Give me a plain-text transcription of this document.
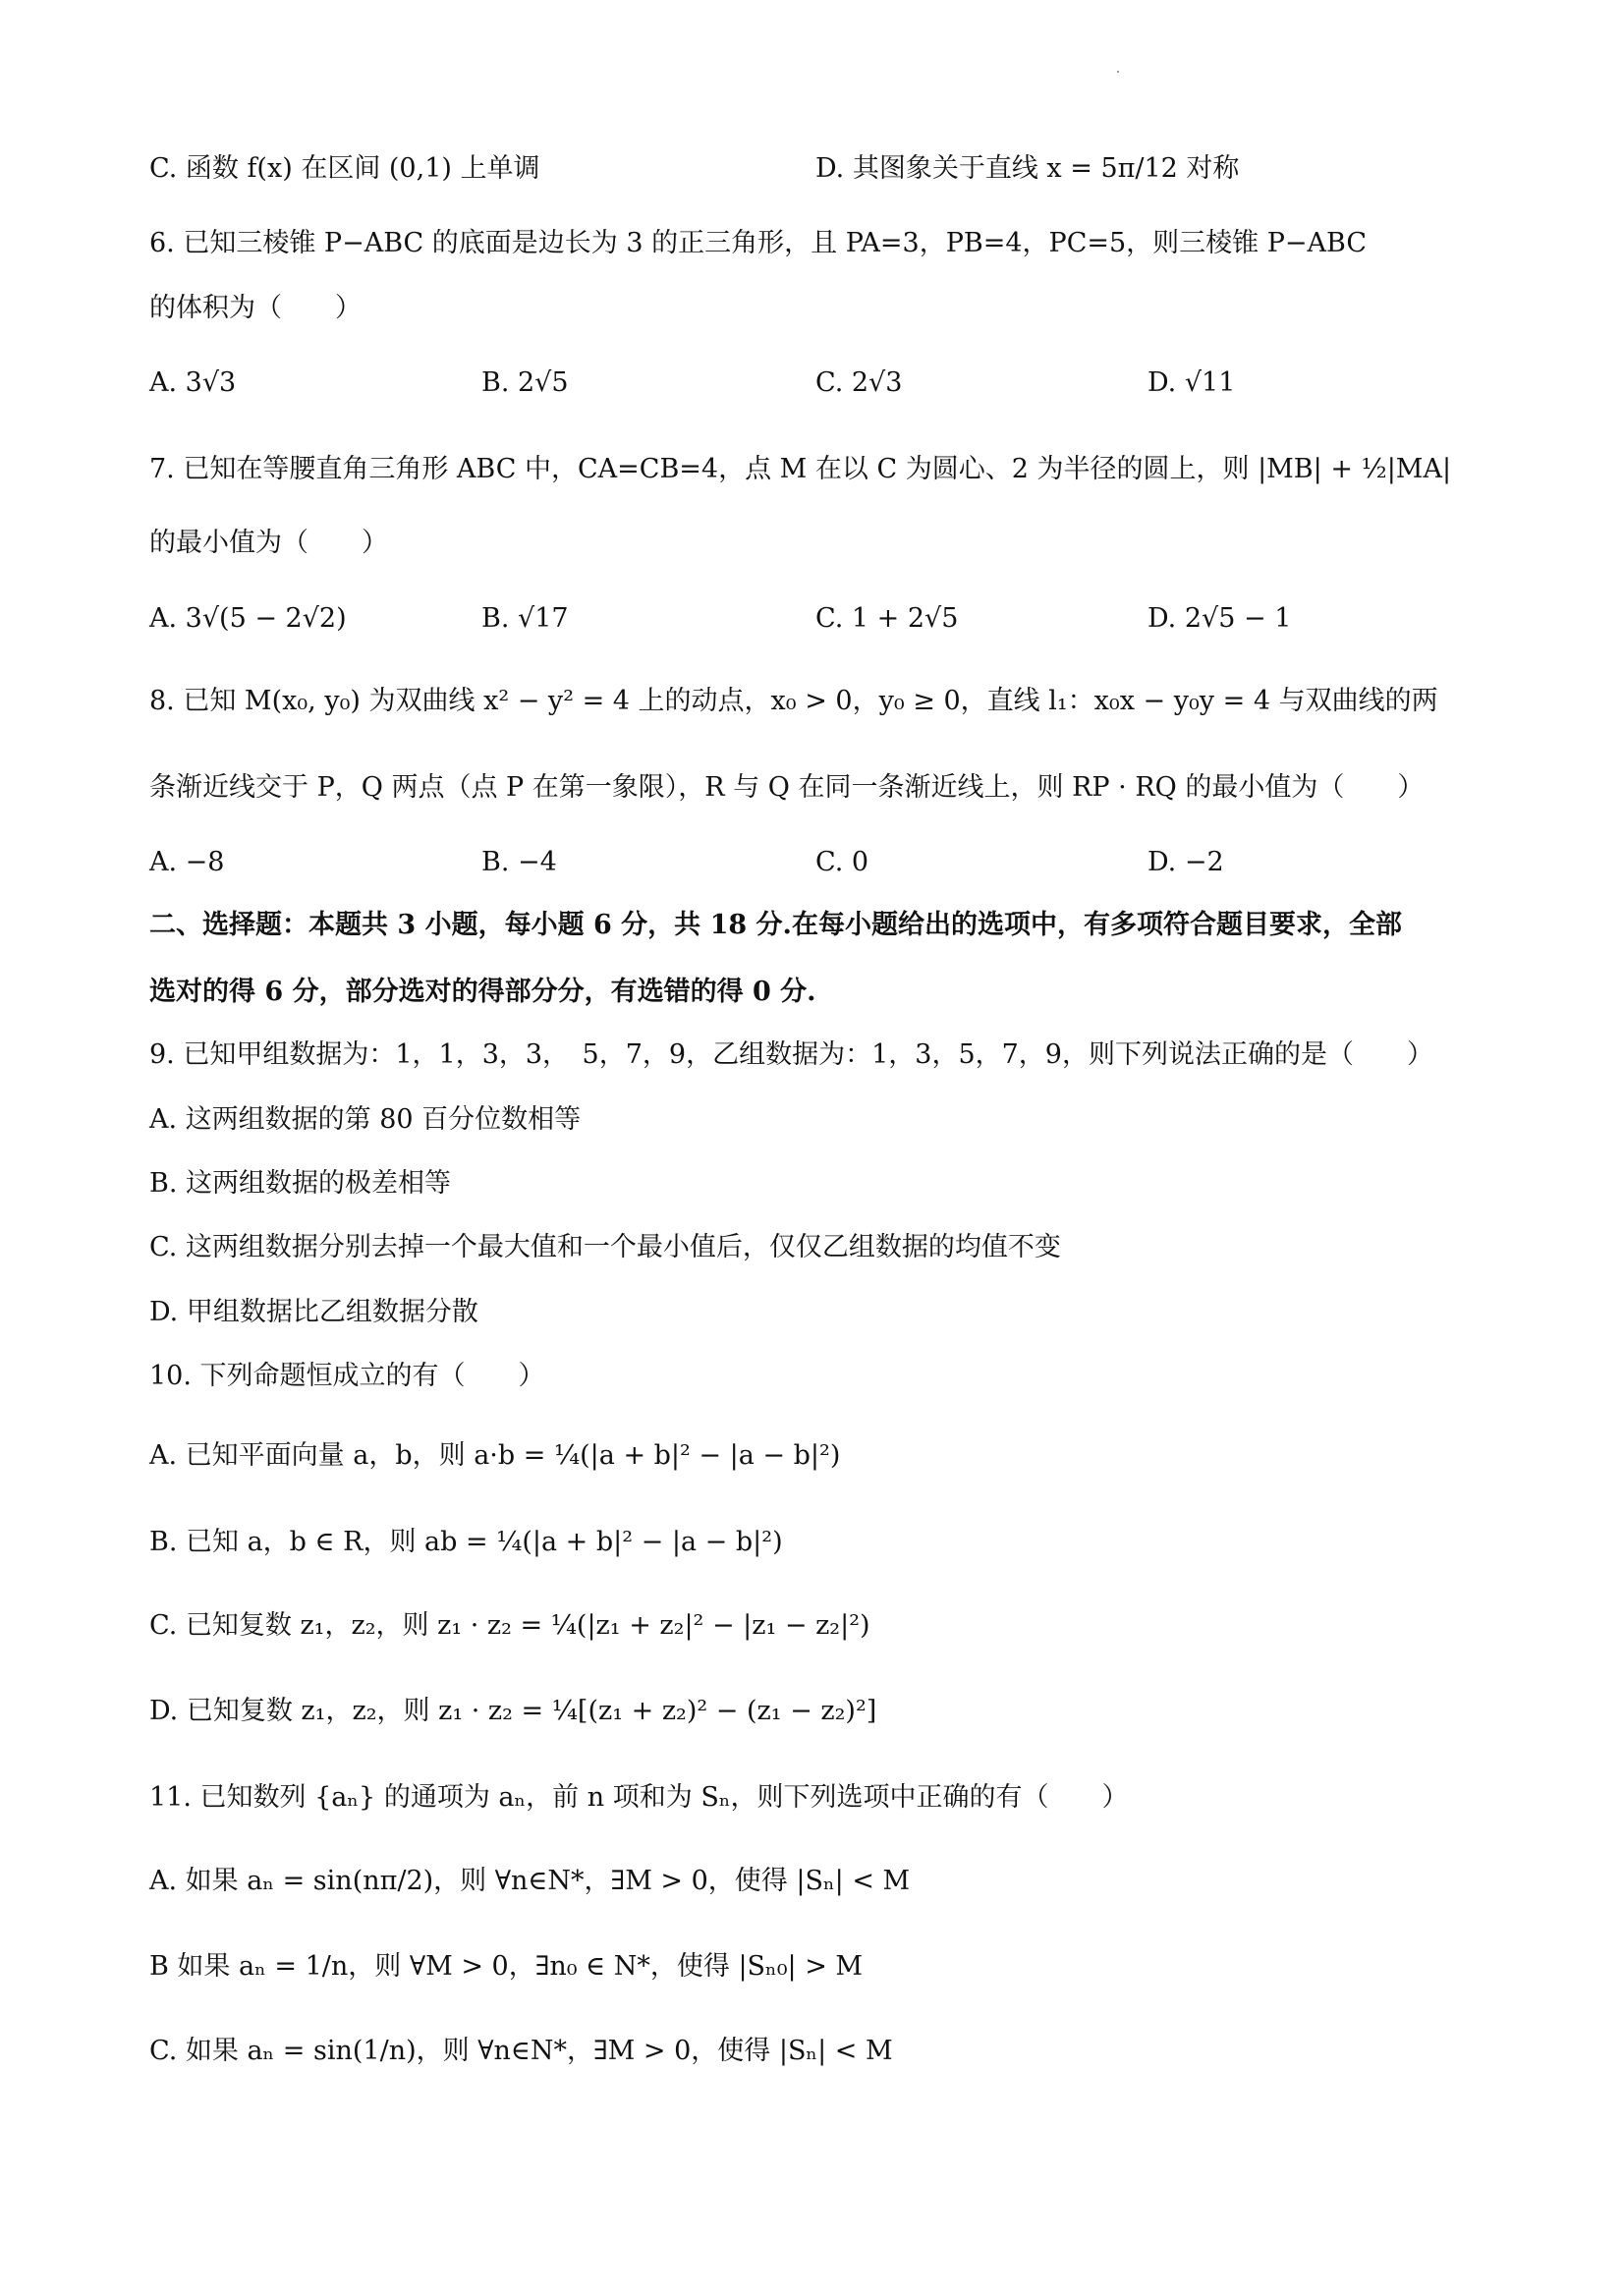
C. 函数 f(x) 在区间 (0,1) 上单调
6. 已知三棱锥 P−ABC 的底面是边长为 3 的正三角形，且 PA=3，PB=4，PC=5，则三棱锥 P−ABC
的体积为（　　）
7. 已知在等腰直角三角形 ABC 中，CA=CB=4，点 M 在以 C 为圆心、2 为半径的圆上，则 |MB| + ½|MA|
的最小值为（　　）
8. 已知 M(x₀, y₀) 为双曲线 x² − y² = 4 上的动点，x₀ > 0，y₀ ≥ 0，直线 l₁：x₀x − y₀y = 4 与双曲线的两
条渐近线交于 P，Q 两点（点 P 在第一象限），R 与 Q 在同一条渐近线上，则 RP · RQ 的最小值为（　　）
二、选择题：本题共 3 小题，每小题 6 分，共 18 分.在每小题给出的选项中，有多项符合题目要求，全部
选对的得 6 分，部分选对的得部分分，有选错的得 0 分.
9. 已知甲组数据为：1，1，3，3，　5，7，9，乙组数据为：1，3，5，7，9，则下列说法正确的是（　　）
A. 这两组数据的第 80 百分位数相等
B. 这两组数据的极差相等
C. 这两组数据分别去掉一个最大值和一个最小值后，仅仅乙组数据的均值不变
D. 甲组数据比乙组数据分散
10. 下列命题恒成立的有（　　）
A. 已知平面向量 a，b，则 a·b = ¼(|a + b|² − |a − b|²)
B. 已知 a，b ∈ R，则 ab = ¼(|a + b|² − |a − b|²)
C. 已知复数 z₁，z₂，则 z₁ · z₂ = ¼(|z₁ + z₂|² − |z₁ − z₂|²)
D. 已知复数 z₁，z₂，则 z₁ · z₂ = ¼[(z₁ + z₂)² − (z₁ − z₂)²]
11. 已知数列 {aₙ} 的通项为 aₙ，前 n 项和为 Sₙ，则下列选项中正确的有（　　）
A. 如果 aₙ = sin(nπ/2)，则 ∀n∈N*，∃M > 0，使得 |Sₙ| < M
B 如果 aₙ = 1/n，则 ∀M > 0，∃n₀ ∈ N*，使得 |Sₙ₀| > M
C. 如果 aₙ = sin(1/n)，则 ∀n∈N*，∃M > 0，使得 |Sₙ| < M
D. 其图象关于直线 x = 5π/12 对称
A. 3√3	B. 2√5	C. 2√3	D. √11
A. 3√(5 − 2√2)	B. √17	C. 1 + 2√5	D. 2√5 − 1
A. −8	B. −4	C. 0	D. −2
